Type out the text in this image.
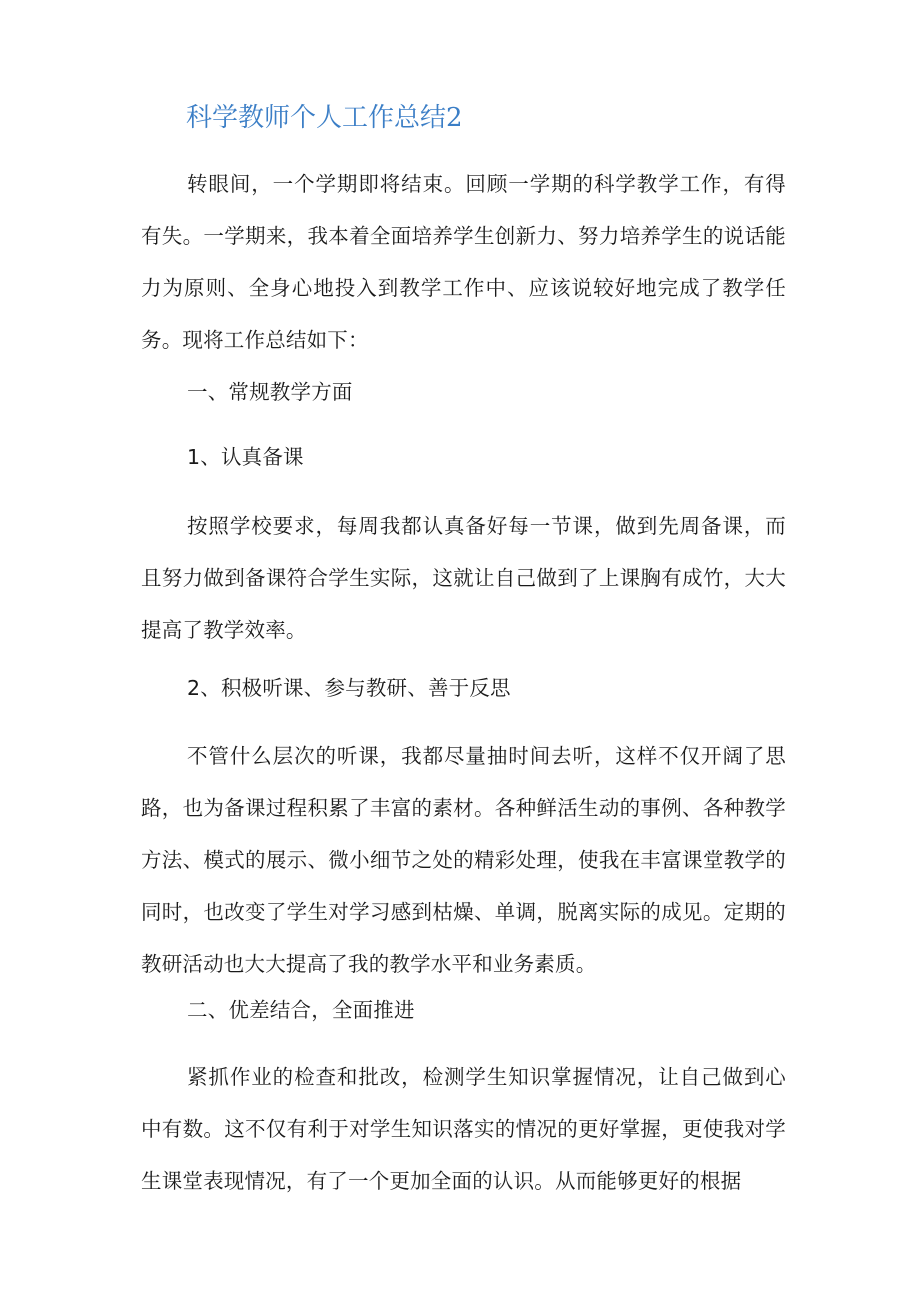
科学教师个人工作总结2

转眼间，一个学期即将结束。回顾一学期的科学教学工作，有得有失。一学期来，我本着全面培养学生创新力、努力培养学生的说话能力为原则、全身心地投入到教学工作中、应该说较好地完成了教学任务。现将工作总结如下：

一、常规教学方面
1、认真备课

按照学校要求，每周我都认真备好每一节课，做到先周备课，而且努力做到备课符合学生实际，这就让自己做到了上课胸有成竹，大大提高了教学效率。

2、积极听课、参与教研、善于反思

不管什么层次的听课，我都尽量抽时间去听，这样不仅开阔了思路，也为备课过程积累了丰富的素材。各种鲜活生动的事例、各种教学方法、模式的展示、微小细节之处的精彩处理，使我在丰富课堂教学的同时，也改变了学生对学习感到枯燥、单调，脱离实际的成见。定期的教研活动也大大提高了我的教学水平和业务素质。

二、优差结合，全面推进

紧抓作业的检查和批改，检测学生知识掌握情况，让自己做到心中有数。这不仅有利于对学生知识落实的情况的更好掌握，更使我对学生课堂表现情况，有了一个更加全面的认识。从而能够更好的根据
